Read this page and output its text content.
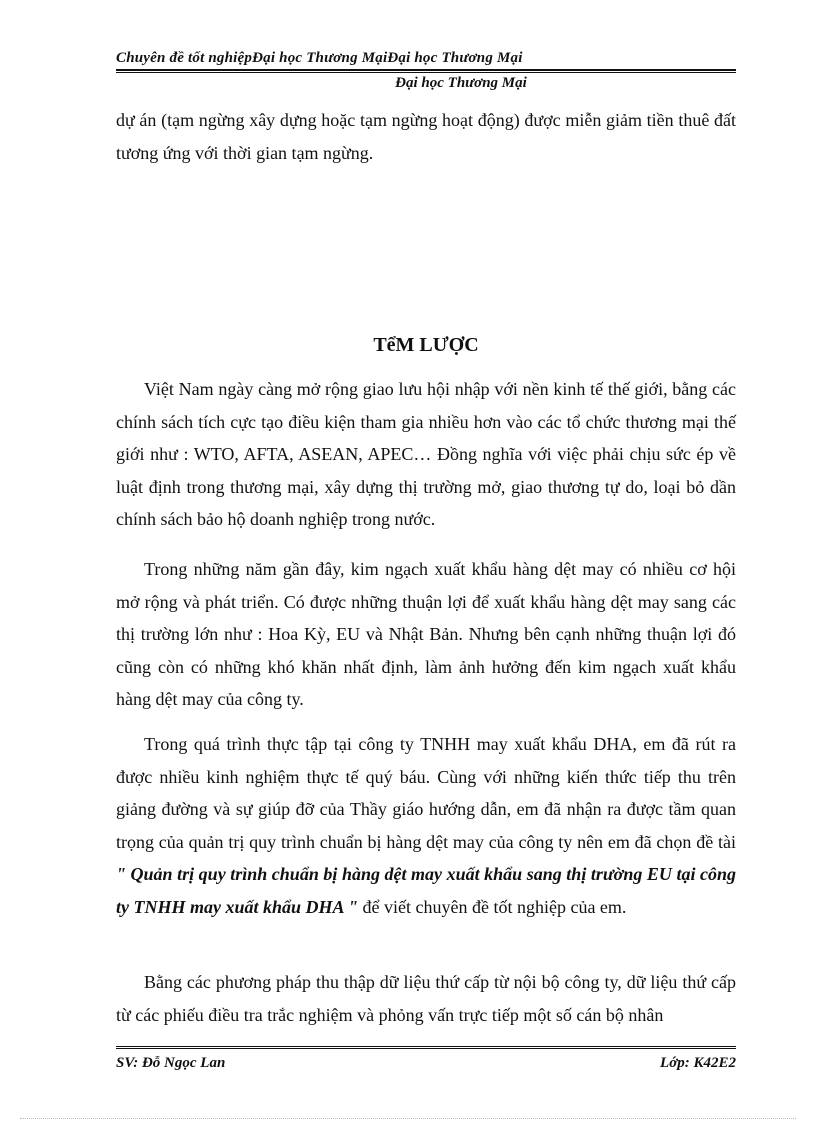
Chuyên đề tốt nghiệpĐại học Thương MạiĐại học Thương Mại
Đại học Thương Mại
dự án (tạm ngừng xây dựng hoặc tạm ngừng hoạt động) được miễn giảm tiền thuê đất tương ứng với thời gian tạm ngừng.
TểM LƯỢC

Việt Nam ngày càng mở rộng giao lưu hội nhập với nền kinh tế thế giới, bằng các chính sách tích cực tạo điều kiện tham gia nhiều hơn vào các tổ chức thương mại thế giới như : WTO, AFTA, ASEAN, APEC… Đồng nghĩa với việc phải chịu sức ép về luật định trong thương mại, xây dựng thị trường mở, giao thương tự do, loại bỏ dần chính sách bảo hộ doanh nghiệp trong nước.

Trong những năm gần đây, kim ngạch xuất khẩu hàng dệt may có nhiều cơ hội mở rộng và phát triển. Có được những thuận lợi để xuất khẩu hàng dệt may sang các thị trường lớn như : Hoa Kỳ, EU và Nhật Bản. Nhưng bên cạnh những thuận lợi đó cũng còn có những khó khăn nhất định, làm ảnh hưởng đến kim ngạch xuất khẩu hàng dệt may của công ty.

Trong quá trình thực tập tại công ty TNHH may xuất khẩu DHA, em đã rút ra được nhiều kinh nghiệm thực tế quý báu. Cùng với những kiến thức tiếp thu trên giảng đường và sự giúp đỡ của Thầy giáo hướng dẫn, em đã nhận ra được tầm quan trọng của quản trị quy trình chuẩn bị hàng dệt may của công ty nên em đã chọn đề tài " Quản trị quy trình chuẩn bị hàng dệt may xuất khẩu sang thị trường EU tại công ty TNHH may xuất khẩu DHA " để viết chuyên đề tốt nghiệp của em.

Bằng các phương pháp thu thập dữ liệu thứ cấp từ nội bộ công ty, dữ liệu thứ cấp từ các phiếu điều tra trắc nghiệm và phỏng vấn trực tiếp một số cán bộ nhân

SV: Đỗ Ngọc Lan	Lớp: K42E2
